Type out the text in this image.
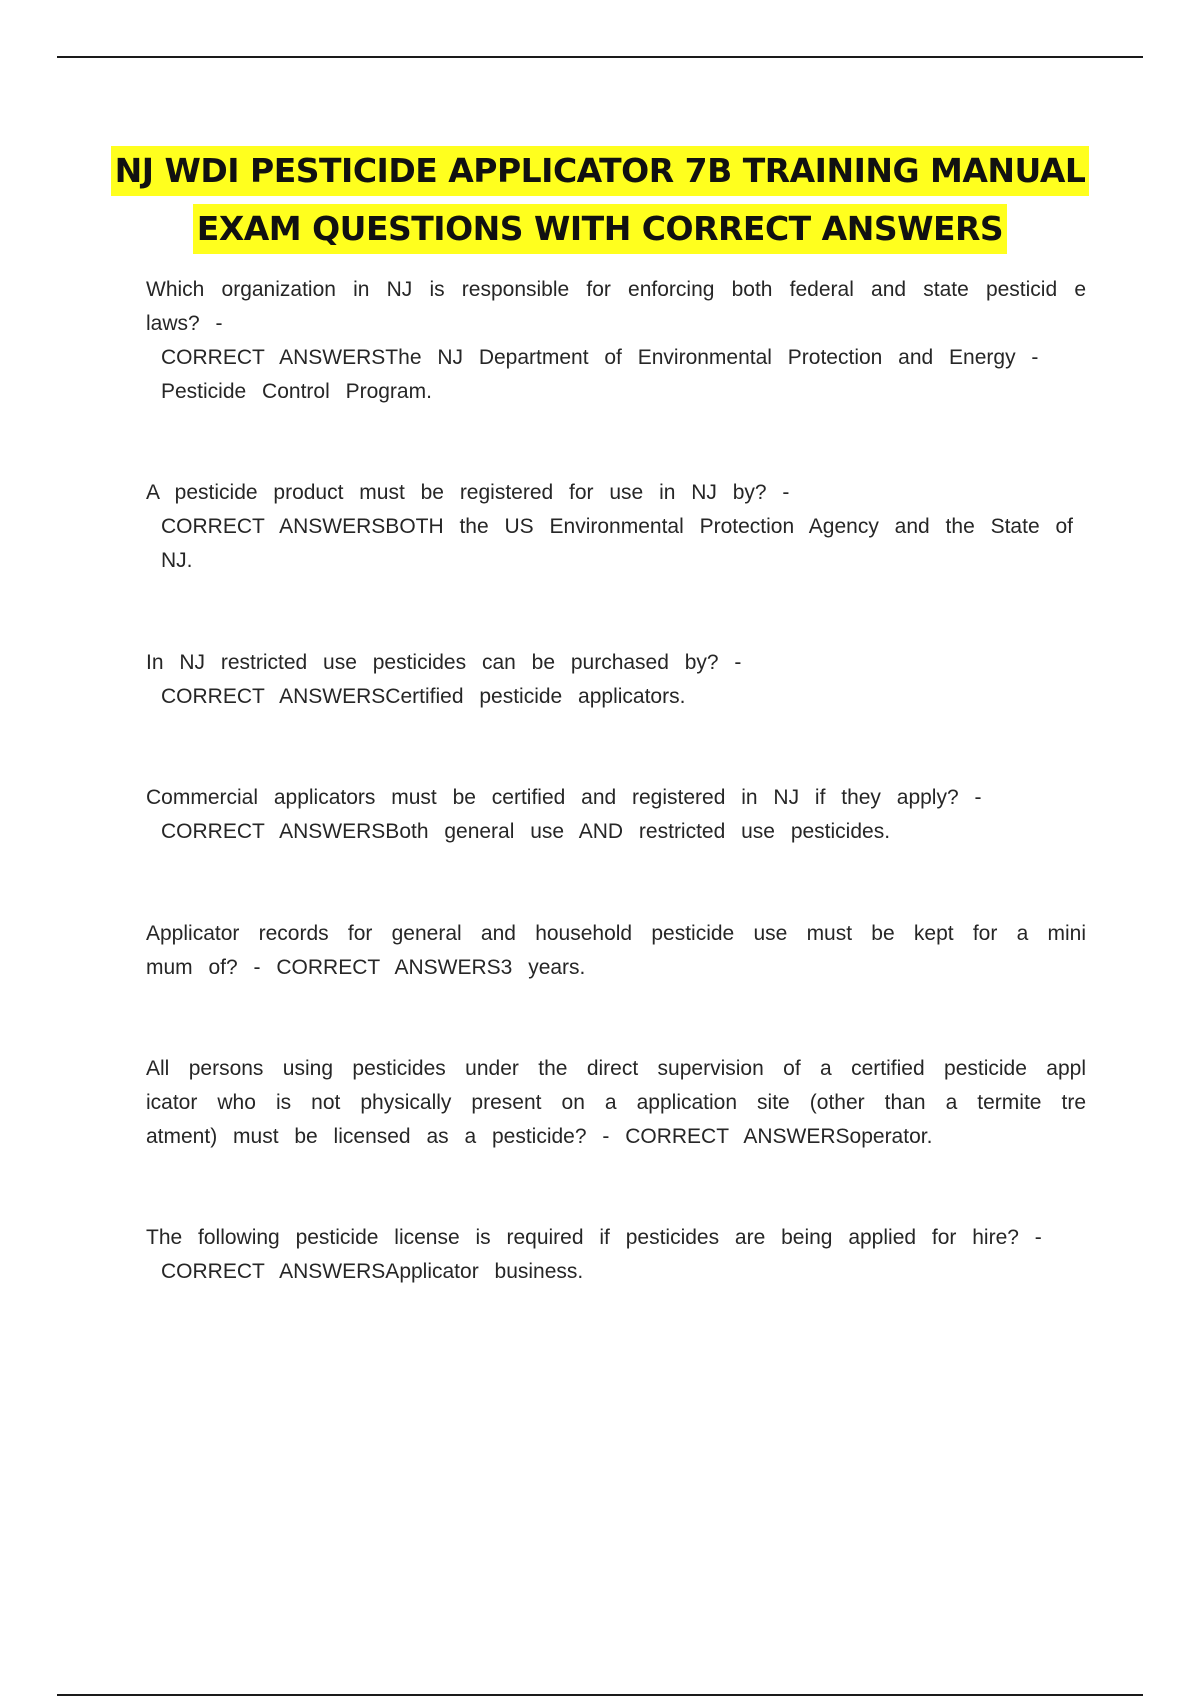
NJ WDI PESTICIDE APPLICATOR 7B TRAINING MANUAL
EXAM QUESTIONS WITH CORRECT ANSWERS
Which organization in NJ is responsible for enforcing both federal and state pesticid e laws? -
CORRECT ANSWERSThe NJ Department of Environmental Protection and Energy - Pesticide Control Program.
A pesticide product must be registered for use in NJ by? -
CORRECT ANSWERSBOTH the US Environmental Protection Agency and the State of NJ.
In NJ restricted use pesticides can be purchased by? -
CORRECT ANSWERSCertified pesticide applicators.
Commercial applicators must be certified and registered in NJ if they apply? -
CORRECT ANSWERSBoth general use AND restricted use pesticides.
Applicator records for general and household pesticide use must be kept for a mini mum of? - CORRECT ANSWERS3 years.
All persons using pesticides under the direct supervision of a certified pesticide appl icator who is not physically present on a application site (other than a termite tre atment) must be licensed as a pesticide? - CORRECT ANSWERSoperator.
The following pesticide license is required if pesticides are being applied for hire? -
CORRECT ANSWERSApplicator business.
